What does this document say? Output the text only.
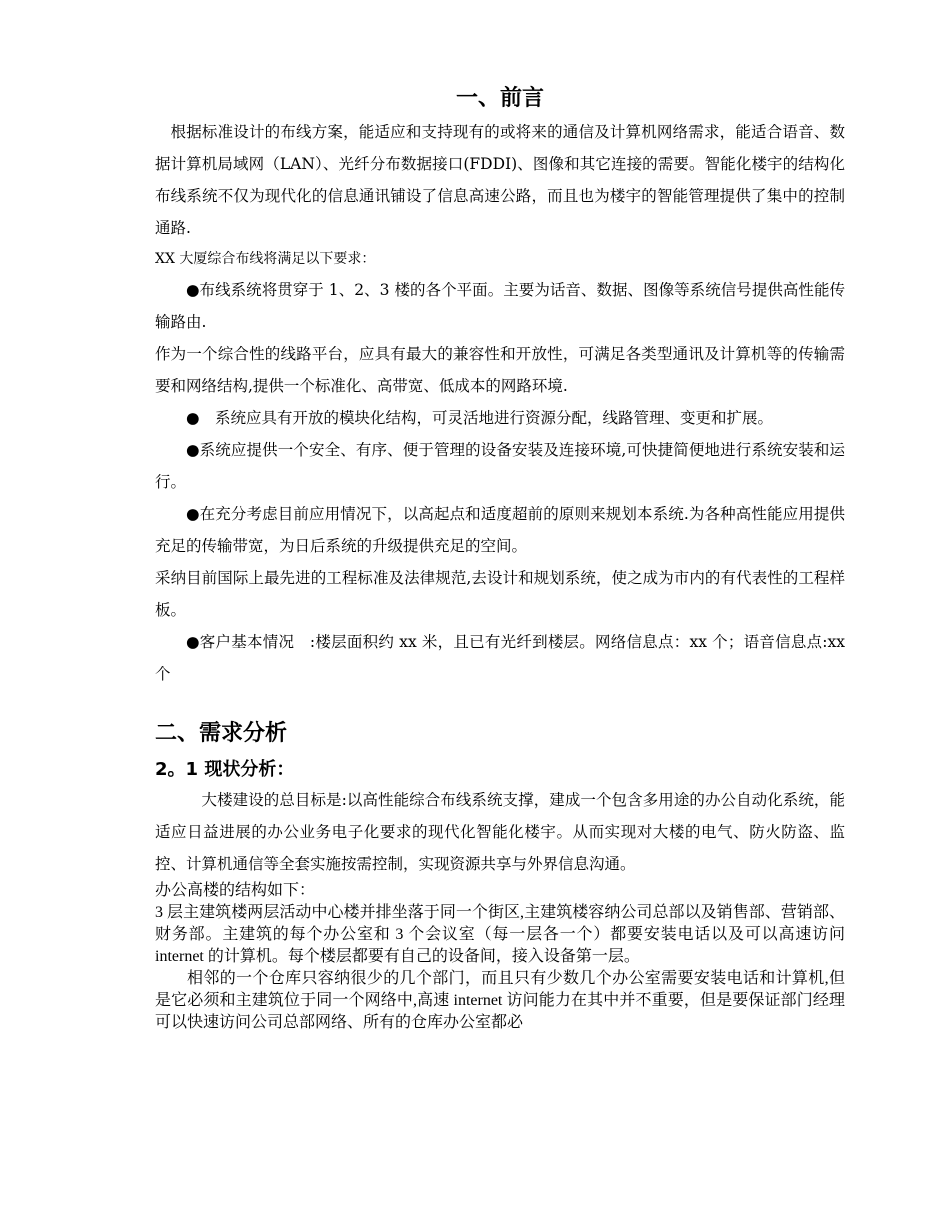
一、前言

根据标准设计的布线方案，能适应和支持现有的或将来的通信及计算机网络需求，能适合语音、数据计算机局域网（LAN）、光纤分布数据接口(FDDI)、图像和其它连接的需要。智能化楼宇的结构化布线系统不仅为现代化的信息通讯铺设了信息高速公路，而且也为楼宇的智能管理提供了集中的控制通路.

XX 大厦综合布线将满足以下要求：

●布线系统将贯穿于 1、2、3 楼的各个平面。主要为话音、数据、图像等系统信号提供高性能传输路由.

作为一个综合性的线路平台，应具有最大的兼容性和开放性，可满足各类型通讯及计算机等的传输需要和网络结构,提供一个标准化、高带宽、低成本的网路环境.

●　系统应具有开放的模块化结构，可灵活地进行资源分配，线路管理、变更和扩展。

●系统应提供一个安全、有序、便于管理的设备安装及连接环境,可快捷简便地进行系统安装和运行。

●在充分考虑目前应用情况下，以高起点和适度超前的原则来规划本系统.为各种高性能应用提供充足的传输带宽，为日后系统的升级提供充足的空间。

采纳目前国际上最先进的工程标准及法律规范,去设计和规划系统，使之成为市内的有代表性的工程样板。

●客户基本情况　:楼层面积约 xx 米，且已有光纤到楼层。网络信息点：xx 个；语音信息点:xx 个

二、需求分析
2。1 现状分析：

大楼建设的总目标是:以高性能综合布线系统支撑，建成一个包含多用途的办公自动化系统，能适应日益进展的办公业务电子化要求的现代化智能化楼宇。从而实现对大楼的电气、防火防盗、监控、计算机通信等全套实施按需控制，实现资源共享与外界信息沟通。

办公高楼的结构如下：

3 层主建筑楼两层活动中心楼并排坐落于同一个街区,主建筑楼容纳公司总部以及销售部、营销部、财务部。主建筑的每个办公室和 3 个会议室（每一层各一个）都要安装电话以及可以高速访问 internet 的计算机。每个楼层都要有自己的设备间，接入设备第一层。

相邻的一个仓库只容纳很少的几个部门，而且只有少数几个办公室需要安装电话和计算机,但是它必须和主建筑位于同一个网络中,高速 internet 访问能力在其中并不重要，但是要保证部门经理可以快速访问公司总部网络、所有的仓库办公室都必
